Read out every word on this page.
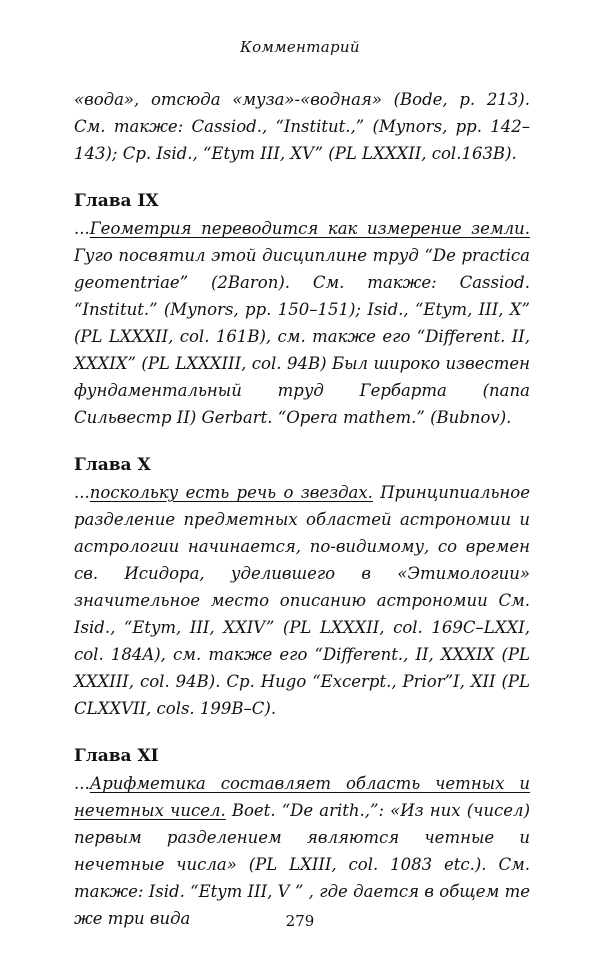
Комментарий

«вода», отсюда «муза»-«водная» (Bode, p. 213). См. также: Cassiod., “Institut.,” (Mynors, pp. 142–143); Ср. Isid., “Etym III, XV” (PL LXXXII, col.163B).

Глава IX

...Геометрия переводится как измерение земли. Гуго посвятил этой дисциплине труд “De practica geomentriae” (2Baron). См. также: Cassiod. “Institut.” (Mynors, pp. 150–151); Isid., “Etym, III, X” (PL LXXXII, col. 161B), см. также его “Different. II, XXXIX” (PL LXXXIII, col. 94B) Был широко известен фундаментальный труд Гербарта (папа Сильвестр II) Gerbart. “Opera mathem.” (Bubnov).

Глава X

...поскольку есть речь о звездах. Принципиальное разделение предметных областей астрономии и астрологии начинается, по-видимому, со времен св. Исидора, уделившего в «Этимологии» значительное место описанию астрономии См. Isid., “Etym, III, XXIV” (PL LXXXII, col. 169C–LXXI, col. 184A), см. также его “Different., II, XXXIX (PL XXXIII, col. 94B). Ср. Hugo “Excerpt., Prior”I, XII (PL CLXXVII, cols. 199B–C).

Глава XI

...Арифметика составляет область четных и нечетных чисел. Boet. “De arith.,”: «Из них (чисел) первым разделением являются четные и нечетные числа» (PL LXIII, col. 1083 etc.). См. также: Isid. “Etym III, V ” , где дается в общем те же три вида	279
